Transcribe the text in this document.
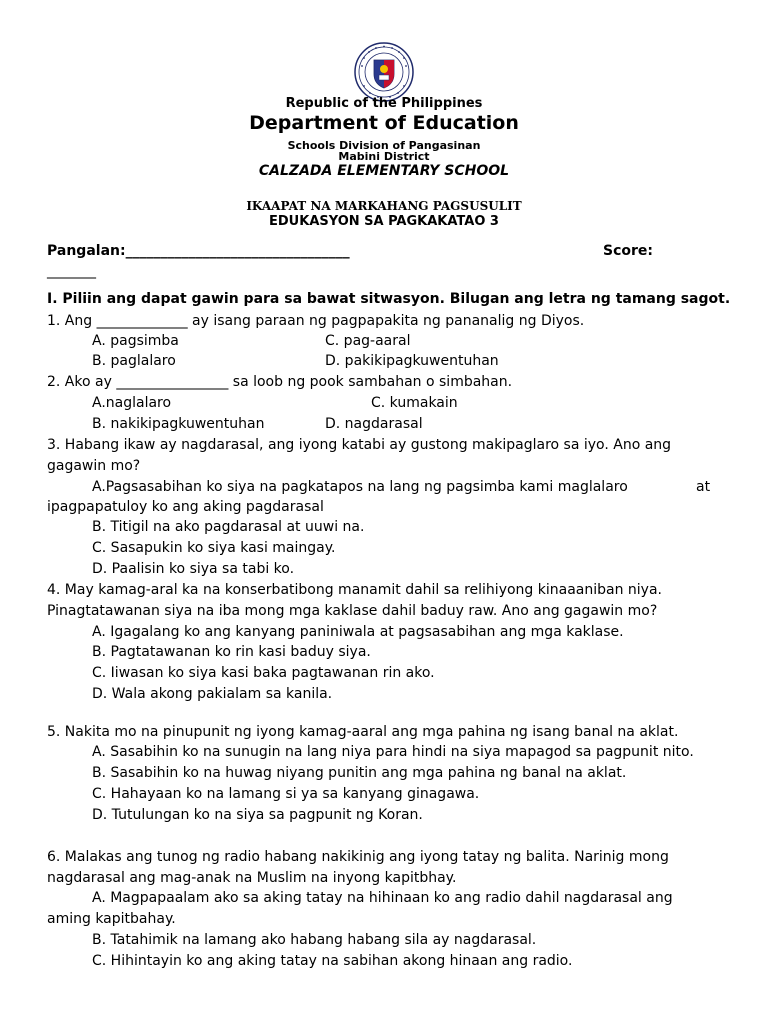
Republic of the Philippines
Department of Education
Schools Division of Pangasinan
Mabini District
CALZADA ELEMENTARY SCHOOL
IKAAPAT NA MARKAHANG PAGSUSULIT
EDUKASYON SA PAGKAKATAO 3
Pangalan:________________________________	Score:
_______
I. Piliin ang dapat gawin para sa bawat sitwasyon. Bilugan ang letra ng tamang sagot.
1. Ang _____________ ay isang paraan ng pagpapakita ng pananalig ng Diyos.
A. pagsimba	C. pag-aaral
B. paglalaro	D. pakikipagkuwentuhan
2. Ako ay ________________ sa loob ng pook sambahan o simbahan.
A.naglalaro	C. kumakain
B. nakikipagkuwentuhan	D. nagdarasal
3. Habang ikaw ay nagdarasal, ang iyong katabi ay gustong makipaglaro sa iyo. Ano ang
gagawin mo?
A.Pagsasabihan ko siya na pagkatapos na lang ng pagsimba kami maglalaro	at
ipagpapatuloy ko ang aking pagdarasal
B. Titigil na ako pagdarasal at uuwi na.
C. Sasapukin ko siya kasi maingay.
D. Paalisin ko siya sa tabi ko.
4. May kamag-aral ka na konserbatibong manamit dahil sa relihiyong kinaaaniban niya.
Pinagtatawanan siya na iba mong mga kaklase dahil baduy raw. Ano ang gagawin mo?
A. Igagalang ko ang kanyang paniniwala at pagsasabihan ang mga kaklase.
B. Pagtatawanan ko rin kasi baduy siya.
C. Iiwasan ko siya kasi baka pagtawanan rin ako.
D. Wala akong pakialam sa kanila.
5. Nakita mo na pinupunit ng iyong kamag-aaral ang mga pahina ng isang banal na aklat.
A. Sasabihin ko na sunugin na lang niya para hindi na siya mapagod sa pagpunit nito.
B. Sasabihin ko na huwag niyang punitin ang mga pahina ng banal na aklat.
C. Hahayaan ko na lamang si ya sa kanyang ginagawa.
D. Tutulungan ko na siya sa pagpunit ng Koran.
6. Malakas ang tunog ng radio habang nakikinig ang iyong tatay ng balita. Narinig mong
nagdarasal ang mag-anak na Muslim na inyong kapitbhay.
A. Magpapaalam ako sa aking tatay na hihinaan ko ang radio dahil nagdarasal ang
aming kapitbahay.
B. Tatahimik na lamang ako habang habang sila ay nagdarasal.
C. Hihintayin ko ang aking tatay na sabihan akong hinaan ang radio.
